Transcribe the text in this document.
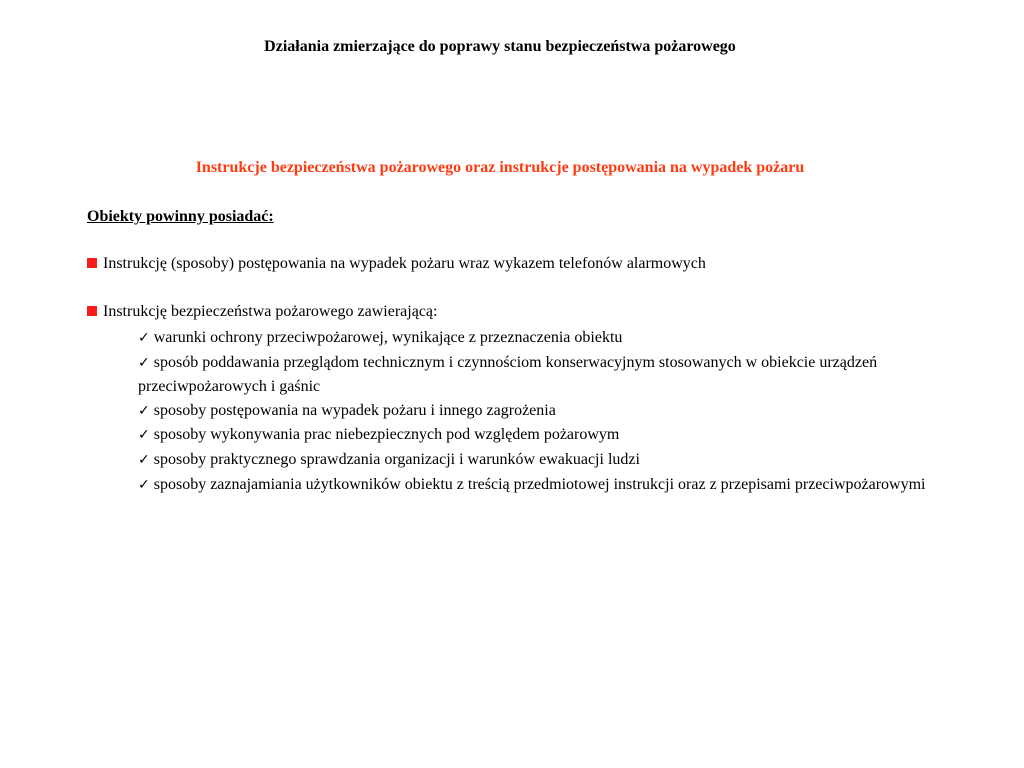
Działania zmierzające do poprawy stanu bezpieczeństwa pożarowego
Instrukcje bezpieczeństwa pożarowego oraz instrukcje postępowania na wypadek pożaru
Obiekty powinny posiadać:
Instrukcję (sposoby) postępowania na wypadek pożaru wraz wykazem telefonów alarmowych
Instrukcję bezpieczeństwa pożarowego zawierającą:
✓ warunki ochrony przeciwpożarowej, wynikające z przeznaczenia obiektu
✓ sposób poddawania przeglądom technicznym i czynnościom konserwacyjnym stosowanych w obiekcie urządzeń przeciwpożarowych i gaśnic
✓ sposoby postępowania na wypadek pożaru i innego zagrożenia
✓ sposoby wykonywania prac niebezpiecznych pod względem pożarowym
✓ sposoby praktycznego sprawdzania organizacji i warunków ewakuacji ludzi
✓ sposoby zaznajamiania użytkowników obiektu z treścią przedmiotowej instrukcji oraz z przepisami przeciwpożarowymi
